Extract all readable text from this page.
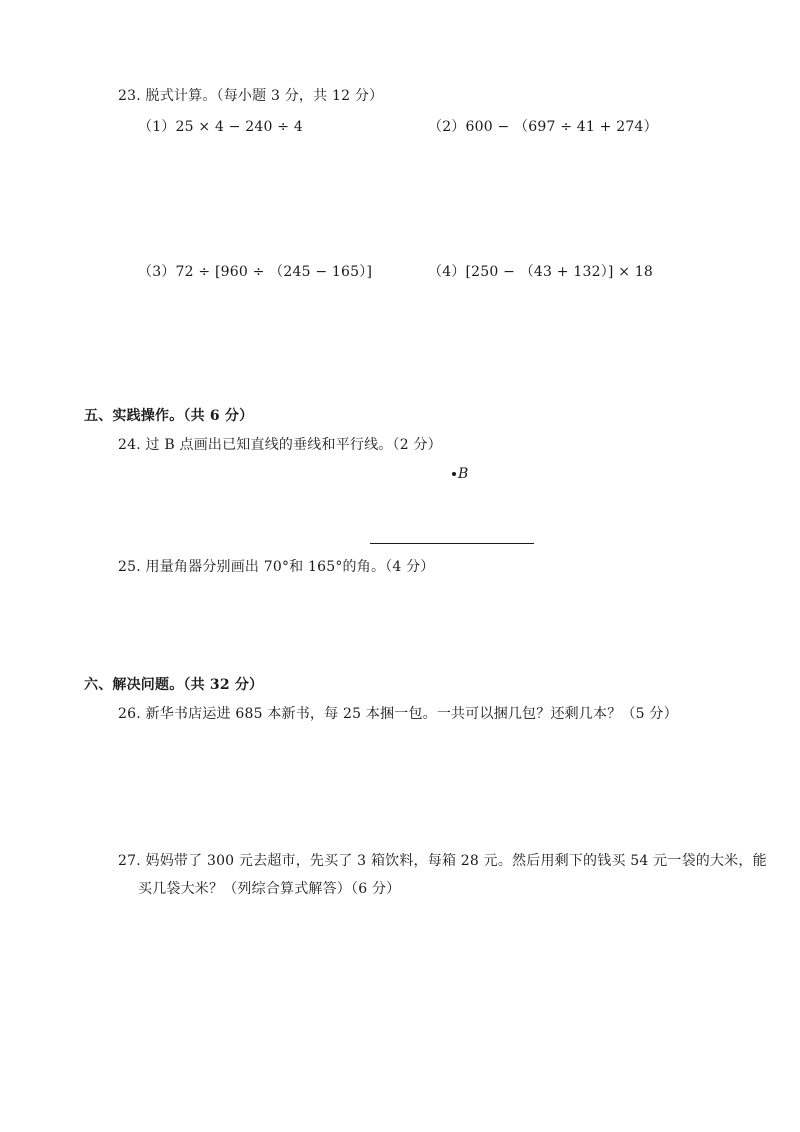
23. 脱式计算。（每小题 3 分，共 12 分）
（1）25 × 4 − 240 ÷ 4	（2）600 − （697 ÷ 41 + 274）
（3）72 ÷ [960 ÷ （245 − 165）]	（4）[250 − （43 + 132）] × 18
五、实践操作。（共 6 分）
24. 过 B 点画出已知直线的垂线和平行线。（2 分）
B
25. 用量角器分别画出 70°和 165°的角。（4 分）
六、解决问题。（共 32 分）
26. 新华书店运进 685 本新书，每 25 本捆一包。一共可以捆几包？还剩几本？（5 分）
27. 妈妈带了 300 元去超市，先买了 3 箱饮料，每箱 28 元。然后用剩下的钱买 54 元一袋的大米，能
买几袋大米？（列综合算式解答）（6 分）
